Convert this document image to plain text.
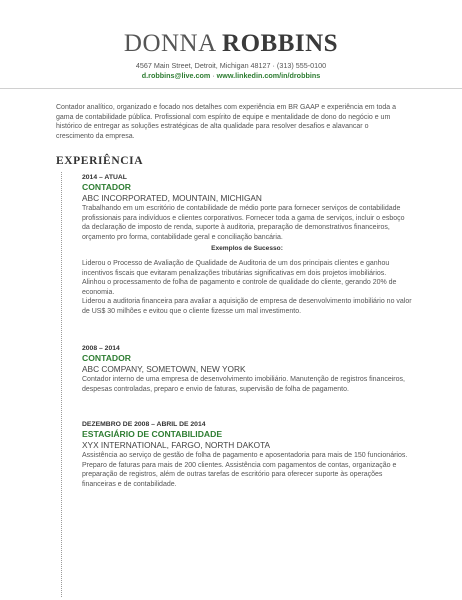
DONNA ROBBINS
4567 Main Street, Detroit, Michigan 48127 · (313) 555-0100
d.robbins@live.com · www.linkedin.com/in/drobbins
Contador analítico, organizado e focado nos detalhes com experiência em BR GAAP e experiência em toda a gama de contabilidade pública. Profissional com espírito de equipe e mentalidade de dono do negócio e um histórico de entregar as soluções estratégicas de alta qualidade para resolver desafios e alavancar o crescimento da empresa.
EXPERIÊNCIA
2014 – ATUAL
CONTADOR
ABC INCORPORATED, MOUNTAIN, MICHIGAN
Trabalhando em um escritório de contabilidade de médio porte para fornecer serviços de contabilidade profissionais para indivíduos e clientes corporativos. Fornecer toda a gama de serviços, incluir o esboço da declaração de imposto de renda, suporte à auditoria, preparação de demonstrativos financeiros, orçamento pro forma, contabilidade geral e conciliação bancária.
Exemplos de Sucesso:

Liderou o Processo de Avaliação de Qualidade de Auditoria de um dos principais clientes e ganhou incentivos fiscais que evitaram penalizações tributárias significativas em dois projetos imobiliários.

Alinhou o processamento de folha de pagamento e controle de qualidade do cliente, gerando 20% de economia.

Liderou a auditoria financeira para avaliar a aquisição de empresa de desenvolvimento imobiliário no valor de US$ 30 milhões e evitou que o cliente fizesse um mal investimento.

2008 – 2014
CONTADOR
ABC COMPANY, SOMETOWN, NEW YORK
Contador interno de uma empresa de desenvolvimento imobiliário. Manutenção de registros financeiros, despesas controladas, preparo e envio de faturas, supervisão de folha de pagamento.
DEZEMBRO DE 2008 – ABRIL DE 2014
ESTAGIÁRIO DE CONTABILIDADE
XYX INTERNATIONAL, FARGO, NORTH DAKOTA
Assistência ao serviço de gestão de folha de pagamento e aposentadoria para mais de 150 funcionários. Preparo de faturas para mais de 200 clientes. Assistência com pagamentos de contas, organização e preparação de registros, além de outras tarefas de escritório para oferecer suporte às operações financeiras e de contabilidade.
